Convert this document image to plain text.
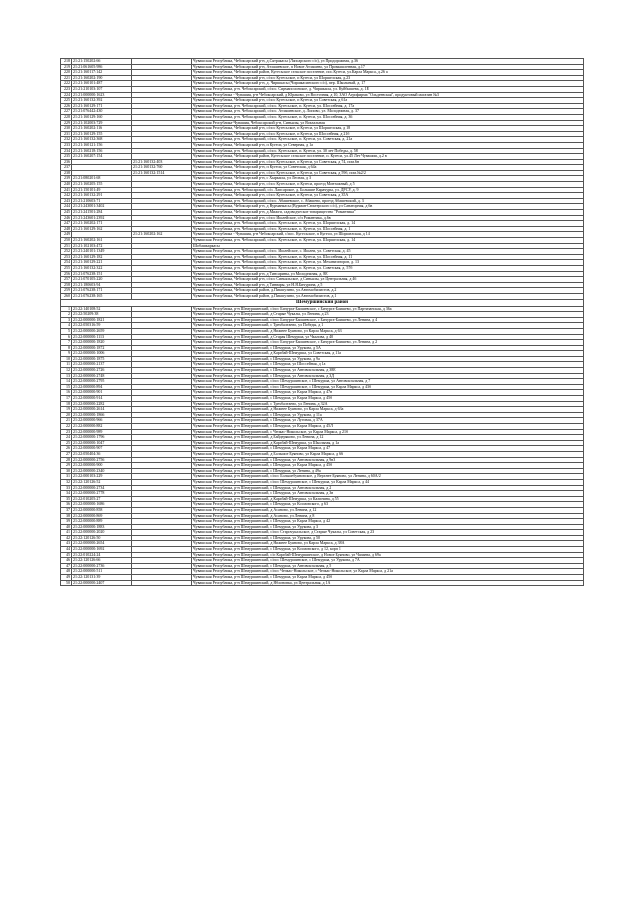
218	21:21:150202:66		Чувашская Республика, Чебоксарский р-н, д.Сятракасы (Лапсарского с/п), ул Придорожная, д.36
219	21:21:061605:986		Чувашская Республика, Чебоксарский р-н, Атлашевское, п Новое Атлашево, ул Промышленная, д.17
220	21:21:160117:142		Чувашская Республика, Чебоксарский район, Кугесьское сельское поселение, пос.Кугеси, ул.Карла Маркса, д.26 а
221	21:21:160202:190		Чувашская Республика, Чебоксарский р-н, с/пос Кугесьское, п Кугеси, ул Шоршелская, д.23
222	21:21:160101:487		Чувашская Республика, Чебоксарский р-н, д. Чиршкасы (Чиршкасинского с/п), пер. Школьный, д. 17
223	21:21:210103:107		Чувашская Республика, р-н. Чебоксарский, с/пос. Сирмапосинское, д. Чиршкасы, ул. Куйбышева, д. 1Е
224	21:21:000000:1623		Чувашская Республика - Чувашия, р-н Чебоксарский, д Юраково, ул Восточная, д 10, ЗАО Агрофирма "Ольдеевская", продуктовый магазин №3
225	21:21:160132:392		Чувашская Республика, Чебоксарский р-н, с/пос Кугесьское, п Кугеси, ул Советская, д 61а
226	21:21:160129:171		Чувашская Республика, р-н. Чебоксарский, с/пос. Кугесьское, п. Кугеси, ул. Шоссейная, д. 17а
227	21:21:076442:430		Чувашская Республика, р-н. Чебоксарский, с/пос. Атлашевское, д. Липово, ул. Молодежная, д. 37
228	21:21:160129:160		Чувашская Республика, р-н. Чебоксарский, с/пос. Кугесьское, п. Кугеси, ул. Шоссейная, д. 36
229	21:21:102003:729		Чувашская Республика-Чувашия, Чебоксарский р-н, Синьялы, ул Вокзальная
230	21:21:160202:116		Чувашская Республика, Чебоксарский р-н, с/пос Кугесьское, п Кугеси, ул Шоршелская, д 18
231	21:21:160129:155		Чувашская Республика, Чебоксарский р-н, с/пос Кугесьское, п Кугеси, ул Шоссейная, д 21б
232	21:21:160132:368		Чувашская Республика, р-н. Чебоксарский, с/пос. Кугесьское, п. Кугеси, ул. Советская, д. 21а
233	21:21:160121:156		Чувашская Республика, Чебоксарский р-н, п Кугеси, ул Северная, д 1а
234	21:21:160218:156		Чувашская Республика, р-н. Чебоксарский, с/пос. Кугесьское, п. Кугеси, ул. 30 лет Победы, д. 58
235	21:21:160207:154		Чувашская Республика, Чебоксарский район, Кугесьское сельское поселение, п. Кугеси, ул.45 Лет Чувашии, д.2 в
236		21:21:160132:403	Чувашская Республика, Чебоксарский р-н, с/пос Кугесьское, п Кугеси, ул Советская, д 74, пом.6н
237		21:21:160132:760	Чувашская Республика, Чебоксарский р-н, п Кугеси, ул Советская, д 64а
238		21:21:160132:1514	Чувашская Республика, Чебоксарский р-н, с/пос Кугесьское, п Кугеси, ул Советская, д 59б, пом.№2/2
239	21:21:080201:68		Чувашская Республика, Чебоксарский р-н, с Хыркасы, ул Лесная, д 3
240	21:21:160205:155		Чувашская Республика, Чебоксарский р-н, с/пос Кугесьское, п Кугеси, проезд Монтажный, д 5
241	21:21:150101:49		Чувашская Республика, р-н. Чебоксарский, с/п. Лапсарское, д. Большие Карачуры, ул. ДРСУ, д. 9
242	21:21:160132:291		Чувашская Республика, Чебоксарский р-н, с/пос Кугесьское, п Кугеси, ул Советская, д 35А
243	21:21:210603:71		Чувашская Республика, р-н. Чебоксарский, с/пос. Абашевское, с. Абашево, проезд Абашевский, д. 3
244	21:21:243001:3402		Чувашская Республика, Чебоксарский р-н, д Вурманкасы (Вурман-Сюктерского с/п), ул Санаторная, д 6в
245	21:21:241501:284		Чувашская Республика, Чебоксарский р-н, д.Мижги, садоводческое товарищество "Романтика"
246	21:21:243601:2392		Чувашская Республика, Чебоксарский р-н, с/пос Ишлейское, с/п Романтика, д.6в
247	21:21:160202:171		Чувашская Республика, р-н. Чебоксарский, с/пос. Кугесьское, п. Кугеси, ул. Шоршелская, д. 14
248	21:21:160129:162		Чувашская Республика, р-н. Чебоксарский, с/пос. Кугесьское, п. Кугеси, ул. Шоссейная, д. 1
249		21:21:160202:162	Чувашская Республика - Чувашия, р-н Чебоксарский, с/пос. Кугесьское, п Кугеси, ул Шоршелская, д 14
250	21:21:160202:161		Чувашская Республика, р-н. Чебоксарский, с/пос. Кугесьское, п. Кугеси, ул. Шоршелская, д. 14
251	21:21:102103:472		Шобашкаркасы
252	21:21:240101:1349		Чувашская Республика, р-н. Чебоксарский, с/пос. Ишлейское, с. Ишлеи, ул. Советская, д. 45
253	21:21:160129:182		Чувашская Республика, р-н. Чебоксарский, с/пос. Кугесьское, п. Кугеси, ул. Шоссейная, д. 11
254	21:21:160129:221		Чувашская Республика, р-н. Чебоксарский, с/пос. Кугесьское, п. Кугеси, ул. Механизаторов, д. 13
255	21:21:160132:322		Чувашская Республика, р-н. Чебоксарский, с/пос. Кугесьское, п. Кугеси, ул. Советская, д. 57б
256	21:21:076238:151		Чувашская Республика, Чебоксарский р-н, д Тинсарины, ул Молодежная, д. 8Е
257	21:21:070105:220		Чувашская Республика, Чебоксарский р-н, с/пос Синьяльское, д Синьялы, ул Центральная, д 46
258	21:21:180603:94		Чувашская Республика, Чебоксарский р-н, д Тинвары, ул Н.Я.Бичурина, д 5
259	21:21:076238:171		Чувашская Республика, Чебоксарский район, д.Пикшузино, ул.Автомобилистов, д.2
260	21:21:076238:165		Чувашская Республика, Чебоксарский район, д.Пикшузино, ул.Автомобилистов, д.1
Шемуршинский район			
1	21:22:140108:52		Чувашская Республика, р-н Шемуршинский, с/пос Бичурга-Баишевское, с Бичурга-Баишево, ул Партизанская, д 36а
2	21:22:50209:38		Чувашская Республика, р-н Шемуршинский, д Старые Чукалы, ул Ленина, д 23
3	21:22:000000:1821		Чувашская Республика, р-н Шемуршинский, с/пос Бичурга-Баишевское, с Бичурга-Баишево, ул Ленина, д 4
4	21:22:050316:59		Чувашская Республика, р-н Шемуршинский, с Трехбалтаево, ул Победы, д 1
5	21:22:000000:2659		Чувашская Республика, р-н Шемуршинский, д Нижнее Буяново, ул Карла Маркса, д 63
6	21:22:000000:1113		Чувашская Республика, р-н Шемуршинский, д Старая Шемурша, ул Чкалова, д 40
7	21:22:000000:1820		Чувашская Республика, р-н Шемуршинский, с/пос Бичурга-Баишевское, с Бичурга-Баишево, ул Ленина, д 2
8	21:22:000000:1872		Чувашская Республика, р-н Шемуршинский, с Шемурша, ул Урукова, д 5А
9	21:22:000000:1006		Чувашская Республика, р-н Шемуршинский, д Карабай-Шемурша, ул Советская, д 11а
10	21:22:000000:1875		Чувашская Республика, р-н Шемуршинский, с Шемурша, ул Урукова, д 9а
11	21:22:000000:2137		Чувашская Республика, р-н Шемуршинский, с Шемурша, ул Шоссейная, д 1а
12	21:22:000000:2726		Чувашская Республика, р-н Шемуршинский, с Шемурша, ул Автовокзальная, д 38Е
13	21:22:000000:2748		Чувашская Республика, р-н Шемуршинский, с Шемурша, ул Автовокзальная, д 3Д
14	21:22:000000:2795		Чувашская Республика, р-н Шемуршинский, с/пос Шемуршинское, с Шемурша, ул Автовокзальная, д 7
15	21:22:000000:894		Чувашская Республика, р-н Шемуршинский, с/пос Шемуршинское, с Шемурша, ул Карла Маркса, д 43б
16	21:22:000000:901		Чувашская Республика, р-н Шемуршинский, с Шемурша, ул Карла Маркса, д 47в
17	21:22:000000:914		Чувашская Республика, р-н Шемуршинский, с Шемурша, ул Карла Маркса, д 45б
18	21:22:000000:2282		Чувашская Республика, р-н Шемуршинский, с Трехбалтаево, ул Ленина, д 32А
19	21:22:000000:2614		Чувашская Республика, р-н Шемуршинский, д Нижнее Буяново, ул Карла Маркса, д 63а
20	21:22:000000:1866		Чувашская Республика, р-н Шемуршинский, с Шемурша, ул Урукова, д 11а
21	21:22:000000:966		Чувашская Республика, р-н Шемуршинский, с Шемурша, ул Луговая, д 37А
22	21:22:000000:882		Чувашская Республика, р-н Шемуршинский, с Шемурша, ул Карла Маркса, д 45Л
23	21:22:000000:989		Чувашская Республика, р-н Шемуршинский, с Чепкас-Никольское, ул Карла Маркса, д 21б
24	21:22:000000:1796		Чувашская Республика, р-н Шемуршинский, д Байдеряково, ул Ленина, д 12
25	21:22:000000:1047		Чувашская Республика, р-н Шемуршинский, д Карабай-Шемурша, ул Школьная, д 1а
26	21:22:000000:907		Чувашская Республика, р-н Шемуршинский, с Шемурша, ул Карла Маркса, д 47
27	21:22:050404:36		Чувашская Республика, р-н Шемуршинский, д Большое Буяново, ул Карла Маркса, д 66
28	21:22:000000:2756		Чувашская Республика, р-н Шемуршинский, с Шемурша, ул Автовокзальная, д 9в3
29	21:22:000000:900		Чувашская Республика, р-н Шемуршинский, с Шемурша, ул Карла Маркса, д 45б
30	21:22:000000:2340		Чувашская Республика, р-н Шемуршинский, с Шемурша, ул Ленина, д 49а
31	21:22:000103:229		Чувашская Республика, р-н Шемуршинский, с/пос Большебуяновское, д Верхнее Буяново, ул Ленина, д 60А/2
32	21:22:120126:52		Чувашская Республика, р-н Шемуршинский, с/пос Шемуршинское, с Шемурша, ул Карла Маркса, д 44
33	21:22:000000:2734		Чувашская Республика, р-н Шемуршинский, с Шемурша, ул Автовокзальная, д 2
34	21:22:000000:2778		Чувашская Республика, р-н Шемуршинский, с Шемурша, ул Автовокзальная, д 3в
35	21:22:010205:27		Чувашская Республика, р-н Шемуршинский, д Карабай-Шемурша, ул Калинина, д 55
36	21:22:000000:1686		Чувашская Республика, р-н Шемуршинский, с Шемурша, ул Космовского, д 63
37	21:22:000000:858		Чувашская Республика, р-н Шемуршинский, д Асаново, ул Ленина, д 12
38	21:22:000000:869		Чувашская Республика, р-н Шемуршинский, д Асаново, ул Ленина, д 8
39	21:22:000000:889		Чувашская Республика, р-н Шемуршинский, с Шемурша, ул Карла Маркса, д 42
40	21:22:000000:1883		Чувашская Республика, р-н Шемуршинский, с Шемурша, ул Урукова, д 3
41	21:22:000000:2020		Чувашская Республика, р-н Шемуршинский, с/пос Старочукальское, д Старые Чукалы, ул Советская, д 23
42	21:22:120126:50		Чувашская Республика, р-н Шемуршинский, с Шемурша, ул Урукова, д 50
43	21:22:000000:2654		Чувашская Республика, р-н Шемуршинский, д Нижнее Буяново, ул Карла Маркса, д 38А
44	21:22:000000:1692		Чувашская Республика, р-н Шемуршинский, с Шемурша, ул Космовского, д 12, корп 1
45	21:22:010224:24		Чувашская Республика, р-н Шемуршинский, с/п Карабай-Шемуршинское, д Новое Буяново, ул Чапаева, д 69а
46	21:22:120126:66		Чувашская Республика, р-н Шемуршинский, с/пос Шемуршинское, с Шемурша, ул Урукова, д 7А
47	21:22:000000:2736		Чувашская Республика, р-н Шемуршинский, с Шемурша, ул Автовокзальная, д 5
48	21:22:000000:511		Чувашская Республика, р-н Шемуршинский, с/пос Чепкас-Никольское, с Чепкас-Никольское, ул Карла Маркса, д 21а
49	21:22:120131:39		Чувашская Республика, р-н Шемуршинский, с Шемурша, ул Карла Маркса, д 45б
50	21:22:000000:2407		Чувашская Республика, р-н Шемуршинский, д Яблоновка, ул Центральная, д 1А
